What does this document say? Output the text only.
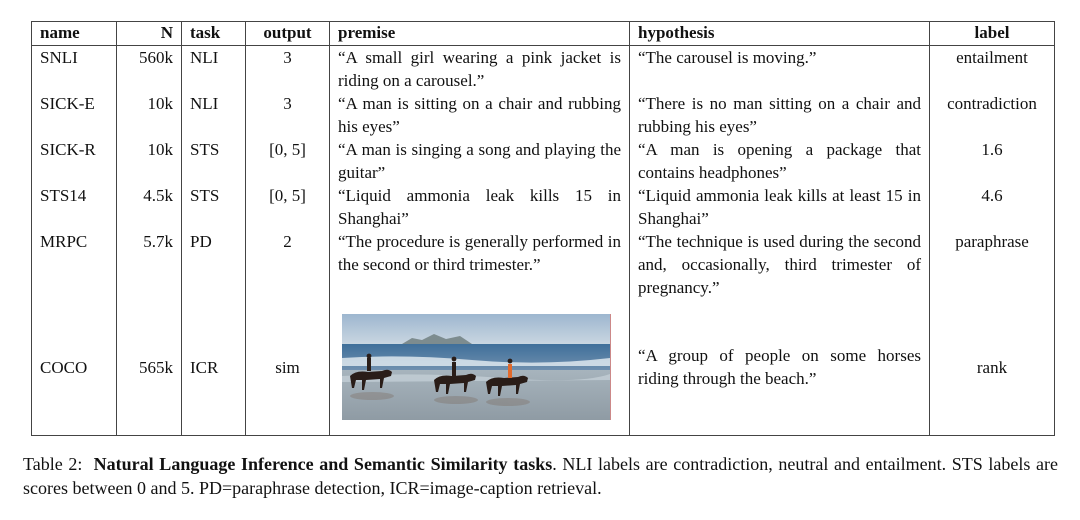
name	N	task	output	premise	hypothesis	label
SNLI	560k	NLI	3	“A small girl wearing a pink jacket is riding on a carousel.”	“The carousel is moving.”	entailment
SICK-E	10k	NLI	3	“A man is sitting on a chair and rubbing his eyes”	“There is no man sitting on a chair and rubbing his eyes”	contradiction
SICK-R	10k	STS	[0, 5]	“A man is singing a song and playing the guitar”	“A man is opening a package that contains headphones”	1.6
STS14	4.5k	STS	[0, 5]	“Liquid ammonia leak kills 15 in Shanghai”	“Liquid ammonia leak kills at least 15 in Shanghai”	4.6
MRPC	5.7k	PD	2	“The procedure is generally performed in the second or third trimester.”	“The technique is used during the second and, occasionally, third trimester of pregnancy.”	paraphrase
COCO	565k	ICR	sim		“A group of people on some horses riding through the beach.”	rank
Table 2: Natural Language Inference and Semantic Similarity tasks. NLI labels are contradiction, neutral and entailment. STS labels are scores between 0 and 5. PD=paraphrase detection, ICR=image-caption retrieval.
